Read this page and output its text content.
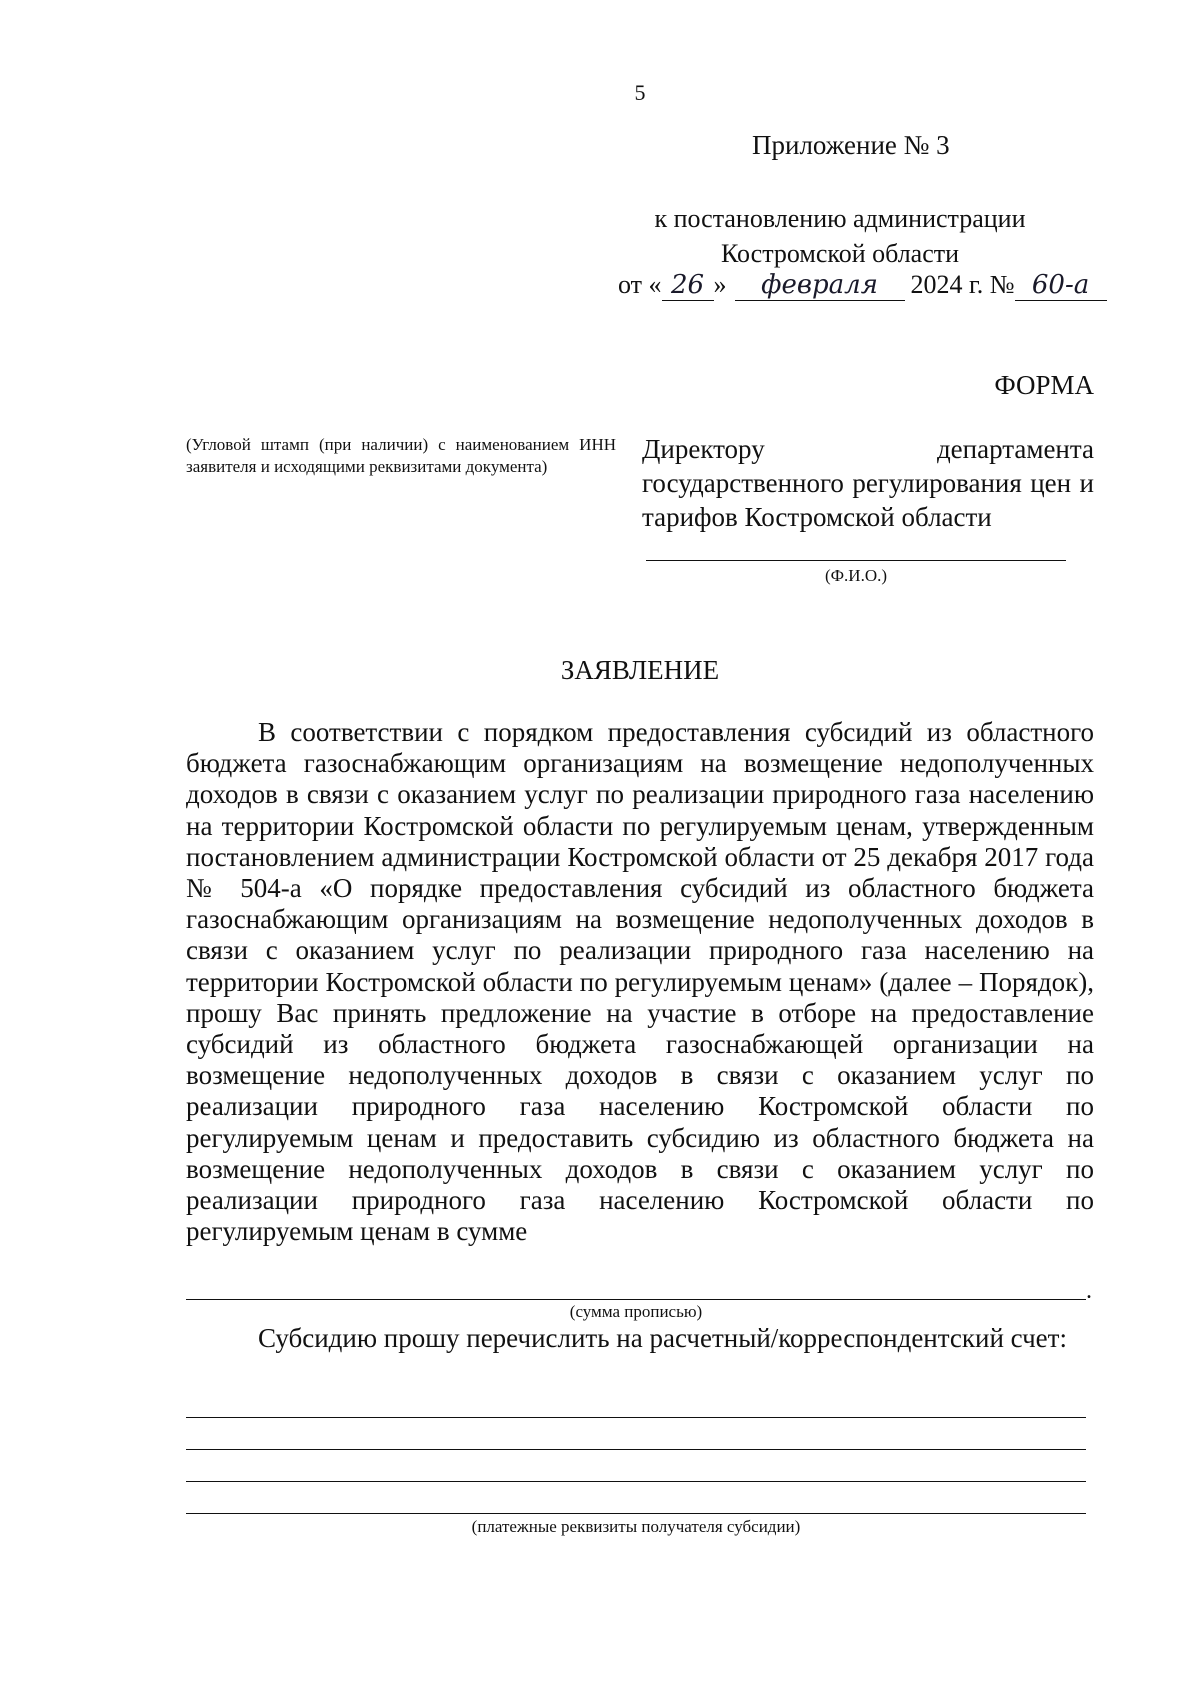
5
Приложение № 3
к постановлению администрации
Костромской области
от « 26 » февраля 2024 г. № 60-а
ФОРМА
(Угловой штамп (при наличии) с наименованием ИНН заявителя и исходящими реквизитами документа)
Директору департамента государственного регулирования цен и тарифов Костромской области
(Ф.И.О.)
ЗАЯВЛЕНИЕ

В соответствии с порядком предоставления субсидий из областного бюджета газоснабжающим организациям на возмещение недополученных доходов в связи с оказанием услуг по реализации природного газа населению на территории Костромской области по регулируемым ценам, утвержденным постановлением администрации Костромской области от 25 декабря 2017 года № 504-а «О порядке предоставления субсидий из областного бюджета газоснабжающим организациям на возмещение недополученных доходов в связи с оказанием услуг по реализации природного газа населению на территории Костромской области по регулируемым ценам» (далее – Порядок), прошу Вас принять предложение на участие в отборе на предоставление субсидий из областного бюджета газоснабжающей организации на возмещение недополученных доходов в связи с оказанием услуг по реализации природного газа населению Костромской области по регулируемым ценам и предоставить субсидию из областного бюджета на возмещение недополученных доходов в связи с оказанием услуг по реализации природного газа населению Костромской области по регулируемым ценам в сумме

.
(сумма прописью)

Субсидию прошу перечислить на расчетный/корреспондентский счет:

(платежные реквизиты получателя субсидии)
